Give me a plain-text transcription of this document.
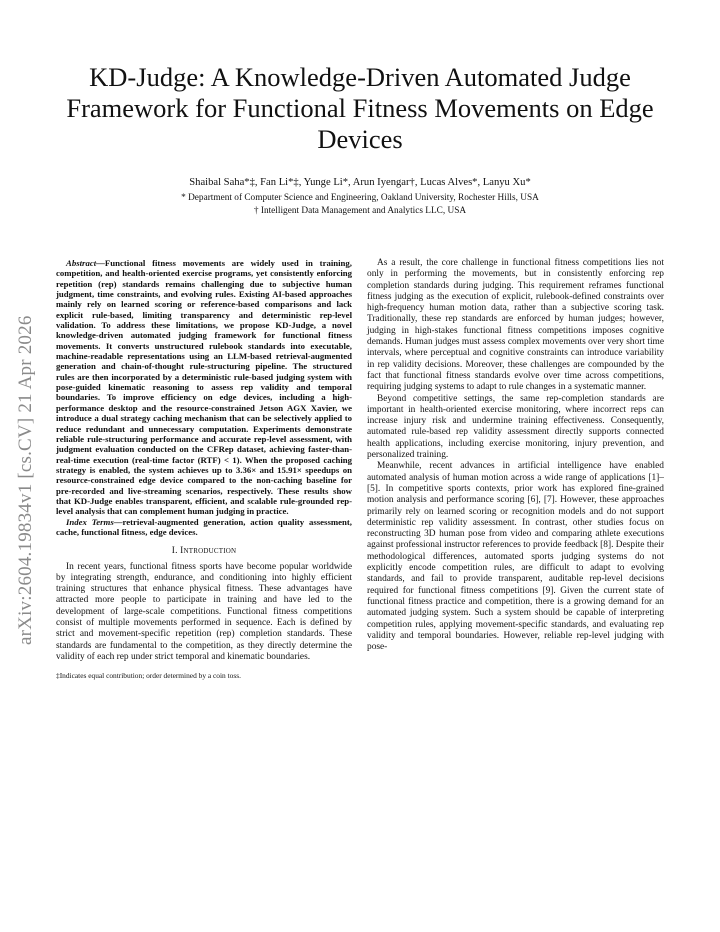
KD-Judge: A Knowledge-Driven Automated Judge Framework for Functional Fitness Movements on Edge Devices
Shaibal Saha*‡, Fan Li*‡, Yunge Li*, Arun Iyengar†, Lucas Alves*, Lanyu Xu*
* Department of Computer Science and Engineering, Oakland University, Rochester Hills, USA
† Intelligent Data Management and Analytics LLC, USA
arXiv:2604.19834v1 [cs.CV] 21 Apr 2026

Abstract—Functional fitness movements are widely used in training, competition, and health-oriented exercise programs, yet consistently enforcing repetition (rep) standards remains challenging due to subjective human judgment, time constraints, and evolving rules. Existing AI-based approaches mainly rely on learned scoring or reference-based comparisons and lack explicit rule-based, limiting transparency and deterministic rep-level validation. To address these limitations, we propose KD-Judge, a novel knowledge-driven automated judging framework for functional fitness movements. It converts unstructured rulebook standards into executable, machine-readable representations using an LLM-based retrieval-augmented generation and chain-of-thought rule-structuring pipeline. The structured rules are then incorporated by a deterministic rule-based judging system with pose-guided kinematic reasoning to assess rep validity and temporal boundaries. To improve efficiency on edge devices, including a high-performance desktop and the resource-constrained Jetson AGX Xavier, we introduce a dual strategy caching mechanism that can be selectively applied to reduce redundant and unnecessary computation. Experiments demonstrate reliable rule-structuring performance and accurate rep-level assessment, with judgment evaluation conducted on the CFRep dataset, achieving faster-than-real-time execution (real-time factor (RTF) < 1). When the proposed caching strategy is enabled, the system achieves up to 3.36× and 15.91× speedups on resource-constrained edge device compared to the non-caching baseline for pre-recorded and live-streaming scenarios, respectively. These results show that KD-Judge enables transparent, efficient, and scalable rule-grounded rep-level analysis that can complement human judging in practice.

Index Terms—retrieval-augmented generation, action quality assessment, cache, functional fitness, edge devices.

I. Introduction

In recent years, functional fitness sports have become popular worldwide by integrating strength, endurance, and conditioning into highly efficient training structures that enhance physical fitness. These advantages have attracted more people to participate in training and have led to the development of large-scale competitions. Functional fitness competitions consist of multiple movements performed in sequence. Each is defined by strict and movement-specific repetition (rep) completion standards. These standards are fundamental to the competition, as they directly determine the validity of each rep under strict temporal and kinematic boundaries.

‡Indicates equal contribution; order determined by a coin toss.

As a result, the core challenge in functional fitness competitions lies not only in performing the movements, but in consistently enforcing rep completion standards during judging. This requirement reframes functional fitness judging as the execution of explicit, rulebook-defined constraints over high-frequency human motion data, rather than a subjective scoring task. Traditionally, these rep standards are enforced by human judges; however, judging in high-stakes functional fitness competitions imposes cognitive demands. Human judges must assess complex movements over very short time intervals, where perceptual and cognitive constraints can introduce variability in rep validity decisions. Moreover, these challenges are compounded by the fact that functional fitness standards evolve over time across competitions, requiring judging systems to adapt to rule changes in a systematic manner.

Beyond competitive settings, the same rep-completion standards are important in health-oriented exercise monitoring, where incorrect reps can increase injury risk and undermine training effectiveness. Consequently, automated rule-based rep validity assessment directly supports connected health applications, including exercise monitoring, injury prevention, and personalized training.

Meanwhile, recent advances in artificial intelligence have enabled automated analysis of human motion across a wide range of applications [1]–[5]. In competitive sports contexts, prior work has explored fine-grained motion analysis and performance scoring [6], [7]. However, these approaches primarily rely on learned scoring or recognition models and do not support deterministic rep validity assessment. In contrast, other studies focus on reconstructing 3D human pose from video and comparing athlete executions against professional instructor references to provide feedback [8]. Despite their methodological differences, automated sports judging systems do not explicitly encode competition rules, are difficult to adapt to evolving standards, and fail to provide transparent, auditable rep-level decisions required for functional fitness competitions [9]. Given the current state of functional fitness practice and competition, there is a growing demand for an automated judging system. Such a system should be capable of interpreting competition rules, applying movement-specific standards, and evaluating rep validity and temporal boundaries. However, reliable rep-level judging with pose-
